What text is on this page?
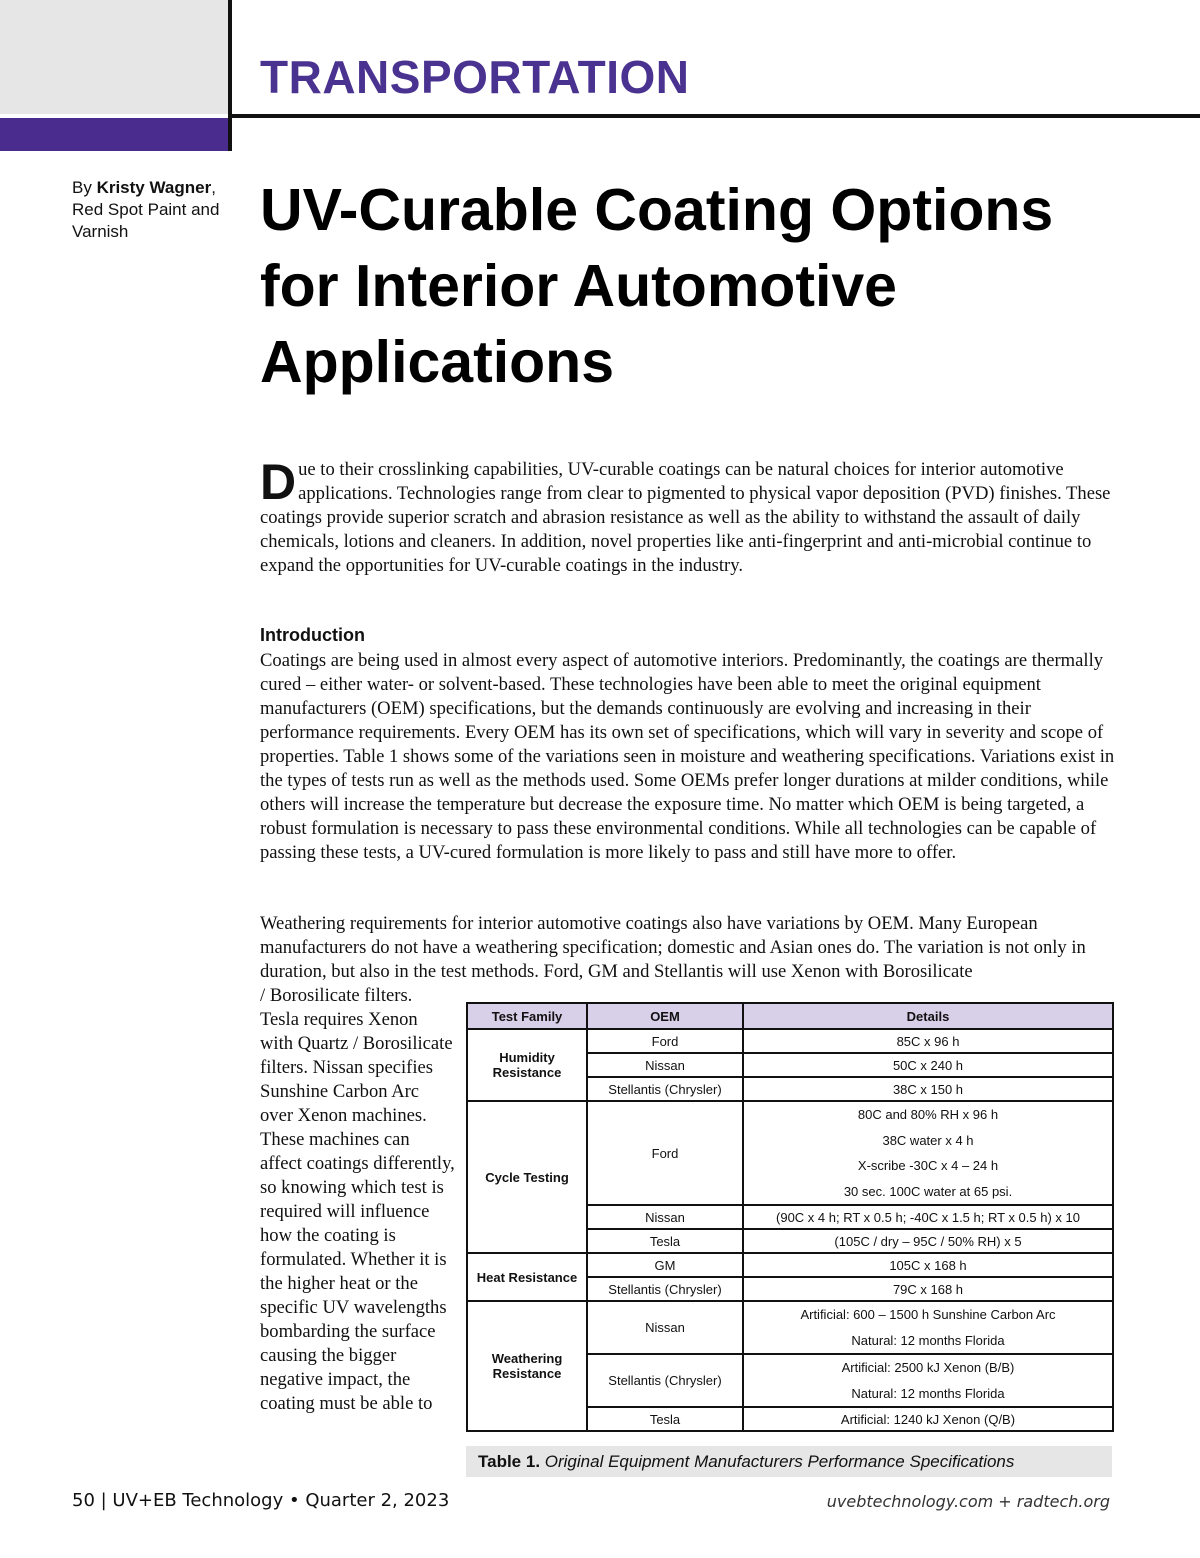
TRANSPORTATION
By Kristy Wagner, Red Spot Paint and Varnish	UV-Curable Coating Options for Interior Automotive Applications

Due to their crosslinking capabilities, UV-curable coatings can be natural choices for interior automotive applications. Technologies range from clear to pigmented to physical vapor deposition (PVD) finishes. These coatings provide superior scratch and abrasion resistance as well as the ability to withstand the assault of daily chemicals, lotions and cleaners. In addition, novel properties like anti-fingerprint and anti-microbial continue to expand the opportunities for UV-curable coatings in the industry.

Introduction

Coatings are being used in almost every aspect of automotive interiors. Predominantly, the coatings are thermally cured – either water- or solvent-based. These technologies have been able to meet the original equipment manufacturers (OEM) specifications, but the demands continuously are evolving and increasing in their performance requirements. Every OEM has its own set of specifications, which will vary in severity and scope of properties. Table 1 shows some of the variations seen in moisture and weathering specifications. Variations exist in the types of tests run as well as the methods used. Some OEMs prefer longer durations at milder conditions, while others will increase the temperature but decrease the exposure time. No matter which OEM is being targeted, a robust formulation is necessary to pass these environmental conditions. While all technologies can be capable of passing these tests, a UV-cured formulation is more likely to pass and still have more to offer.

Weathering requirements for interior automotive coatings also have variations by OEM. Many European manufacturers do not have a weathering specification; domestic and Asian ones do. The variation is not only in duration, but also in the test methods. Ford, GM and Stellantis will use Xenon with Borosilicate

/ Borosilicate filters. Tesla requires Xenon with Quartz / Borosilicate filters. Nissan specifies Sunshine Carbon Arc over Xenon machines. These machines can affect coatings differently, so knowing which test is required will influence how the coating is formulated. Whether it is the higher heat or the specific UV wavelengths bombarding the surface causing the bigger negative impact, the coating must be able to

Test Family	OEM	Details
Humidity Resistance	Ford	85C x 96 h
	Nissan	50C x 240 h
	Stellantis (Chrysler)	38C x 150 h
Cycle Testing	Ford	80C and 80% RH x 96 h
38C water x 4 h
X-scribe -30C x 4 – 24 h
30 sec. 100C water at 65 psi.

	Nissan	(90C x 4 h; RT x 0.5 h; -40C x 1.5 h; RT x 0.5 h) x 10
	Tesla	(105C / dry – 95C / 50% RH) x 5
Heat Resistance	GM	105C x 168 h
	Stellantis (Chrysler)	79C x 168 h
Weathering Resistance	Nissan	Artificial: 600 – 1500 h Sunshine Carbon Arc
Natural: 12 months Florida

	Stellantis (Chrysler)	Artificial: 2500 kJ Xenon (B/B)
Natural: 12 months Florida

	Tesla	Artificial: 1240 kJ Xenon (Q/B)
Table 1. Original Equipment Manufacturers Performance Specifications
50 | UV+EB Technology • Quarter 2, 2023	uvebtechnology.com + radtech.org
